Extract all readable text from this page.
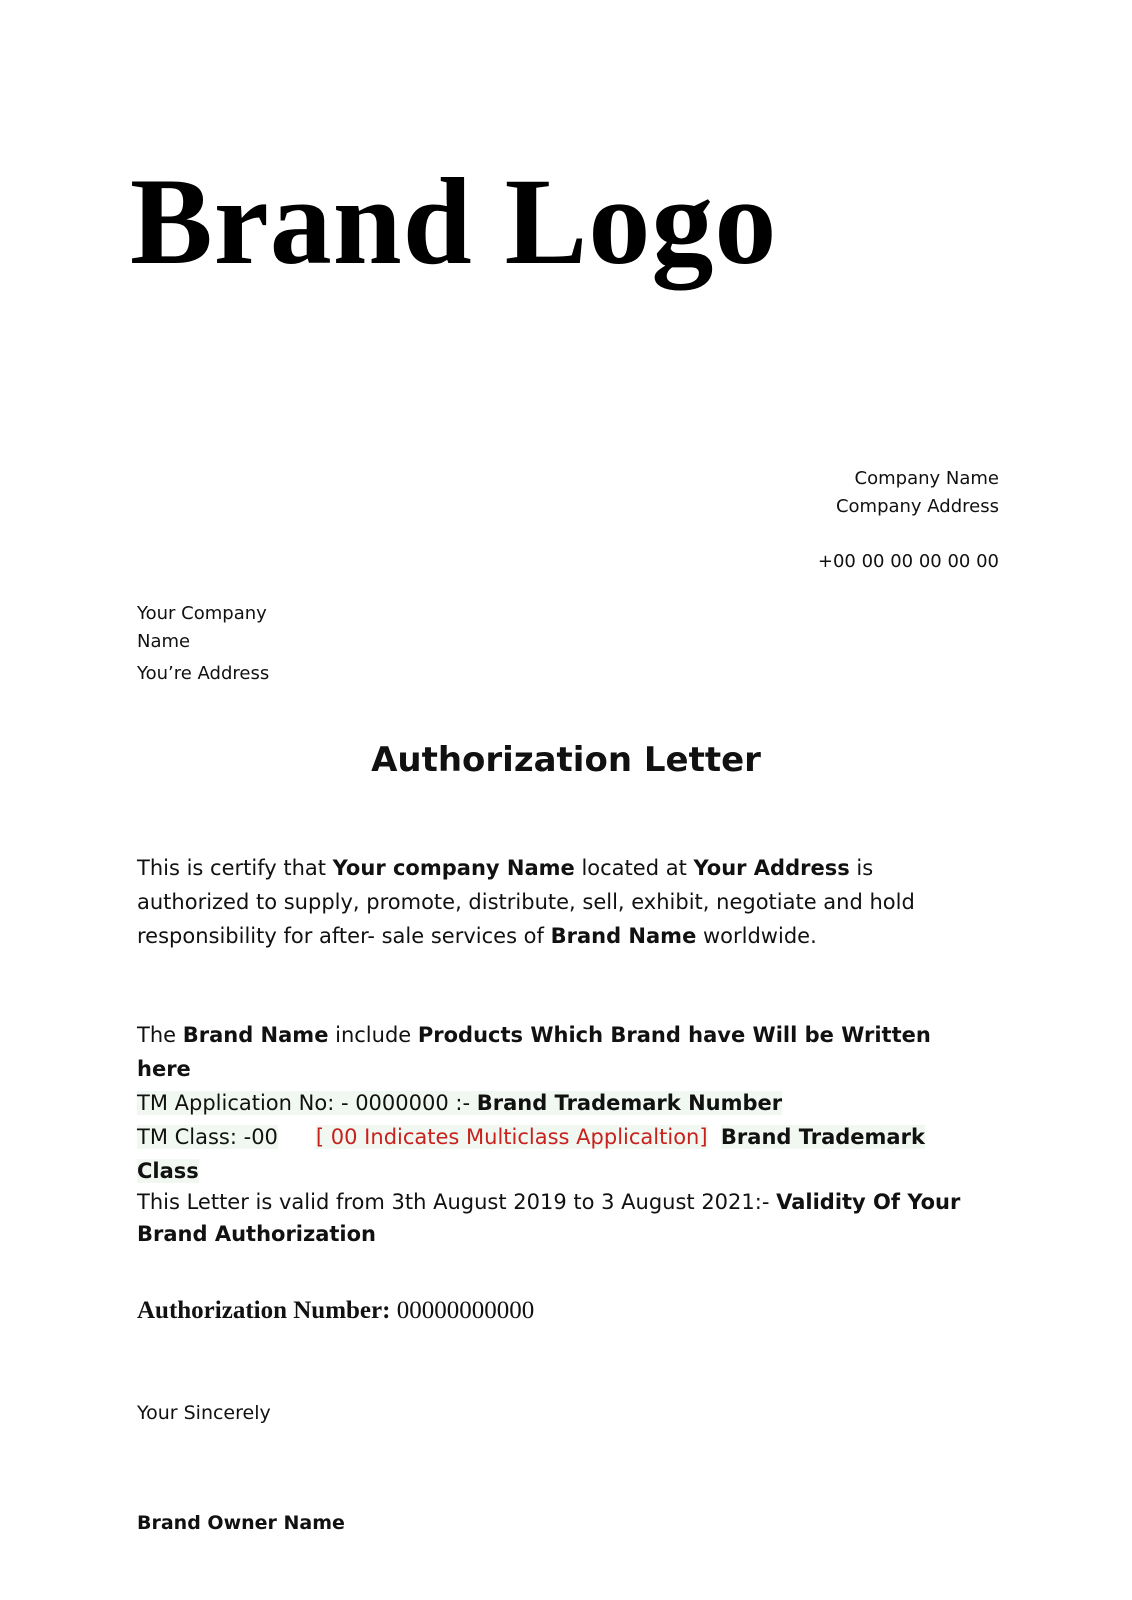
Brand Logo
Company Name
Company Address
+00 00 00 00 00 00
Your Company Name
You’re Address
Authorization Letter
This is certify that Your company Name located at Your Address is authorized to supply, promote, distribute, sell, exhibit, negotiate and hold responsibility for after- sale services of Brand Name worldwide.
The Brand Name include Products Which Brand have Will be Written here
TM Application No: - 0000000 :- Brand Trademark Number
TM Class: -00 [ 00 Indicates Multiclass Applicaltion] Brand Trademark Class
This Letter is valid from 3th August 2019 to 3 August 2021:- Validity Of Your Brand Authorization
Authorization Number: 00000000000
Your Sincerely
Brand Owner Name
